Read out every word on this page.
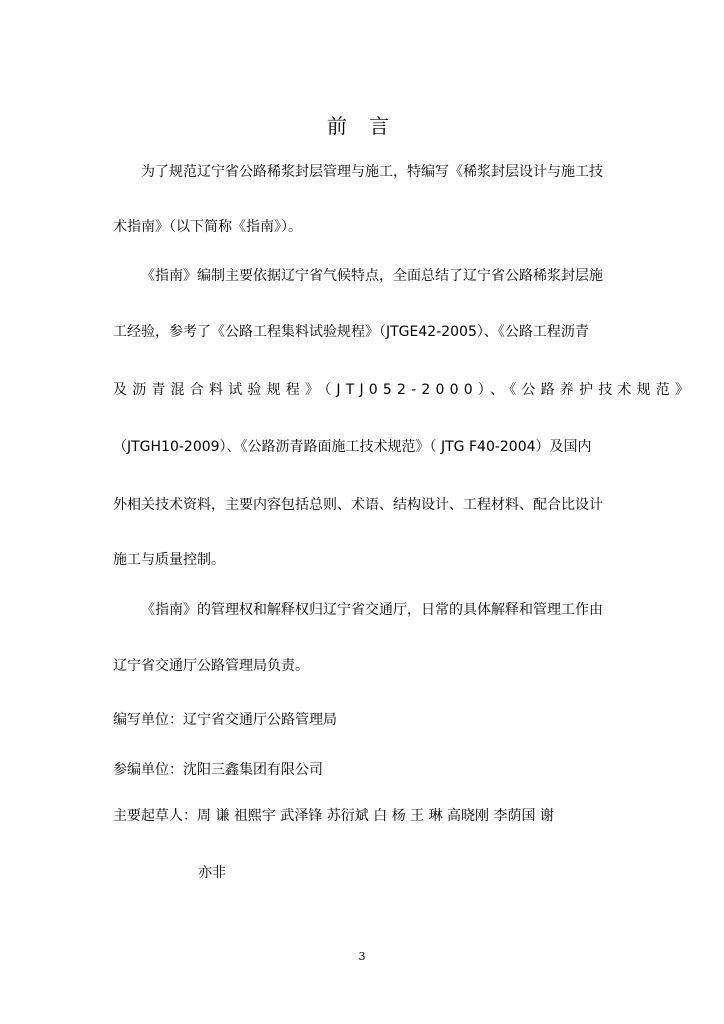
前 言
为了规范辽宁省公路稀浆封层管理与施工，特编写《稀浆封层设计与施工技
术指南》（以下简称《指南》）。
《指南》编制主要依据辽宁省气候特点，全面总结了辽宁省公路稀浆封层施
工经验，参考了《公路工程集料试验规程》（JTGE42-2005）、《公路工程沥青
及沥青混合料试验规程》（JTJ052-2000）、《公路养护技术规范》
（JTGH10-2009）、《公路沥青路面施工技术规范》（ JTG F40-2004）及国内
外相关技术资料，主要内容包括总则、术语、结构设计、工程材料、配合比设计
施工与质量控制。
《指南》的管理权和解释权归辽宁省交通厅，日常的具体解释和管理工作由
辽宁省交通厅公路管理局负责。
编写单位：辽宁省交通厅公路管理局
参编单位：沈阳三鑫集团有限公司
主要起草人：周 谦 祖熙宇 武泽锋 苏衍斌 白 杨 王 琳 高晓刚 李荫国 谢
亦非
3
